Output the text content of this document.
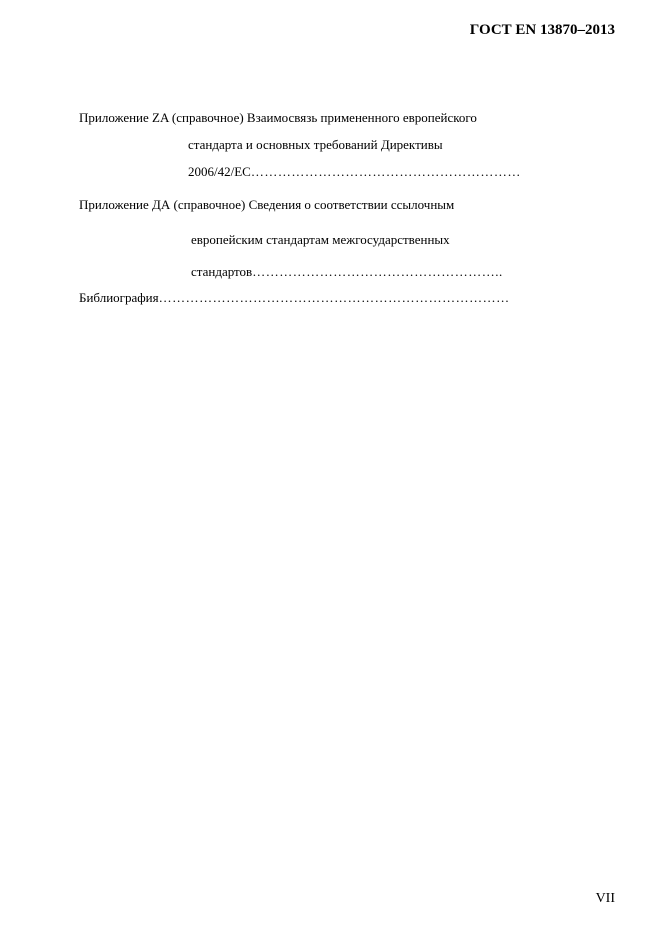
ГОСТ EN 13870–2013
Приложение ZA (справочное) Взаимосвязь примененного европейского
стандарта и основных требований Директивы
2006/42/EC……………………………………………………
Приложение ДА (справочное) Сведения о соответствии ссылочным
европейским стандартам межгосударственных
стандартов………………………………………………..
Библиография……………………………………………………………………
VII
